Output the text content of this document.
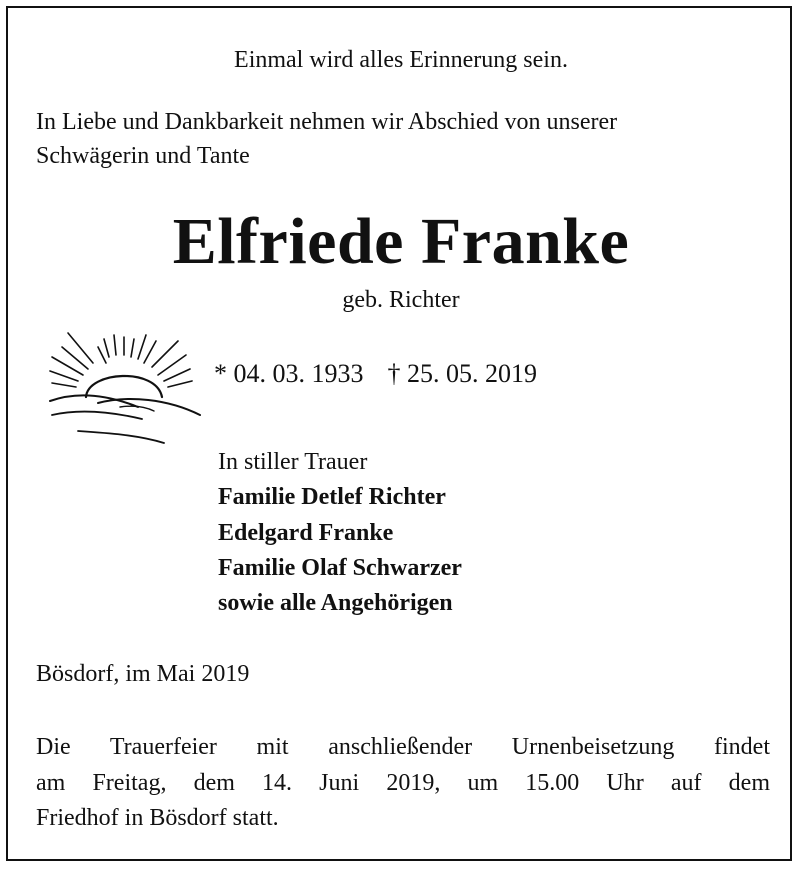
Einmal wird alles Erinnerung sein.
In Liebe und Dankbarkeit nehmen wir Abschied von unserer
Schwägerin und Tante
Elfriede Franke
geb. Richter
* 04. 03. 1933 † 25. 05. 2019
In stiller Trauer
Familie Detlef Richter
Edelgard Franke
Familie Olaf Schwarzer
sowie alle Angehörigen
Bösdorf, im Mai 2019
Die Trauerfeier mit anschließender Urnenbeisetzung findet
am Freitag, dem 14. Juni 2019, um 15.00 Uhr auf dem
Friedhof in Bösdorf statt.
